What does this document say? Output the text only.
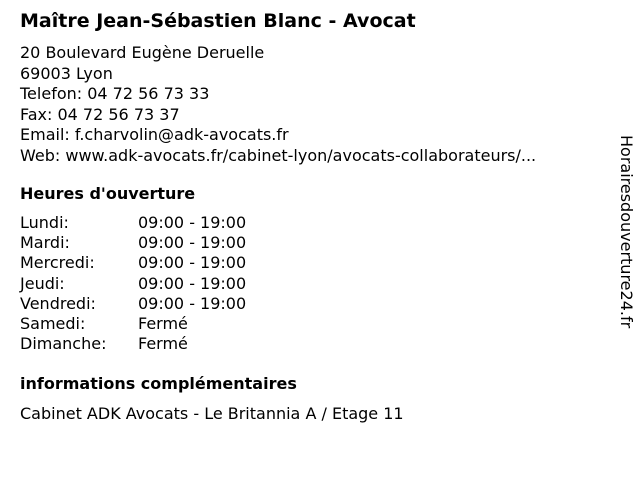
Maître Jean-Sébastien Blanc - Avocat
20 Boulevard Eugène Deruelle
69003 Lyon
Telefon: 04 72 56 73 33
Fax: 04 72 56 73 37
Email: f.charvolin@adk-avocats.fr
Web: www.adk-avocats.fr/cabinet-lyon/avocats-collaborateurs/...
Heures d'ouverture
Lundi:	09:00 - 19:00
Mardi:	09:00 - 19:00
Mercredi:	09:00 - 19:00
Jeudi:	09:00 - 19:00
Vendredi:	09:00 - 19:00
Samedi:	Fermé
Dimanche:	Fermé
informations complémentaires
Cabinet ADK Avocats - Le Britannia A / Etage 11
Horairesdouverture24.fr
